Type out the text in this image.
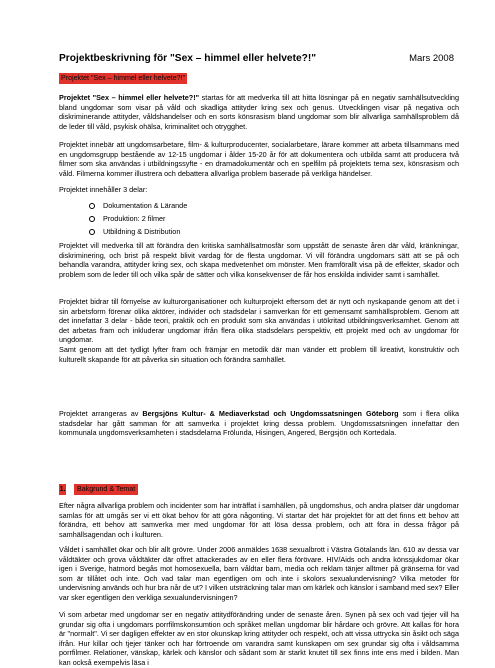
Projektbeskrivning för "Sex – himmel eller helvete?!"	Mars 2008
Projektet "Sex – himmel eller helvete?!"

Projektet "Sex – himmel eller helvete?!" startas för att medverka till att hitta lösningar på en negativ samhällsutveckling bland ungdomar som visar på våld och skadliga attityder kring sex och genus. Utvecklingen visar på negativa och diskriminerande attityder, våldshandelser och en sorts könsrasism bland ungdomar som blir allvarliga samhällsproblem då de leder till våld, psykisk ohälsa, kriminalitet och otrygghet.

Projektet innebär att ungdomsarbetare, film- & kulturproducenter, socialarbetare, lärare kommer att arbeta tillsammans med en ungdomsgrupp bestående av 12-15 ungdomar i ålder 15-20 år för att dokumentera och utbilda samt att producera två filmer som ska användas i utbildningssyfte - en dramadokumentär och en spelfilm på projektets tema sex, könsrasism och våld. Filmerna kommer illustrera och debattera allvarliga problem baserade på verkliga händelser.

Projektet innehåller 3 delar:

Dokumentation & Lärande
Produktion: 2 filmer
Utbildning & Distribution

Projektet vill medverka till att förändra den kritiska samhällsatmosfär som uppstått de senaste åren där våld, kränkningar, diskriminering, och brist på respekt blivit vardag för de flesta ungdomar. Vi vill förändra ungdomars sätt att se på och behandla varandra, attityder kring sex, och skapa medvetenhet om mönster. Men framförallt visa på de effekter, skador och problem som de leder till och vilka spår de sätter och vilka konsekvenser de får hos enskilda individer samt i samhället.

Projektet bidrar till förnyelse av kulturorganisationer och kulturprojekt eftersom det är nytt och nyskapande genom att det i sin arbetsform förenar olika aktörer, individer och stadsdelar i samverkan för ett gemensamt samhällsproblem. Genom att det innefattar 3 delar - både teori, praktik och en produkt som ska användas i utökritad utbildningsverksamhet. Genom att det arbetas fram och inkluderar ungdomar ifrån flera olika stadsdelars perspektiv, ett projekt med och av ungdomar för ungdomar.
Samt genom att det tydligt lyfter fram och främjar en metodik där man vänder ett problem till kreativt, konstruktiv och kulturellt skapande för att påverka sin situation och förändra samhället.

Projektet arrangeras av Bergsjöns Kultur- & Mediaverkstad och Ungdomssatsningen Göteborg som i flera olika stadsdelar har gått samman för att samverka i projektet kring dessa problem. Ungdomssatsningen innefattar den kommunala ungdomsverksamheten i stadsdelarna Frölunda, Hisingen, Angered, Bergsjön och Kortedala.

1. Bakgrund & Temat

Efter några allvarliga problem och incidenter som har inträffat i samhällen, på ungdomshus, och andra platser där ungdomar samlas för att umgås ser vi ett ökat behov för att göra någonting. Vi startar det här projektet för att det finns ett behov att förändra, ett behov att samverka mer med ungdomar för att lösa dessa problem, och att föra in dessa frågor på samhällsagendan och i kulturen.

Våldet i samhället ökar och blir allt grövre. Under 2006 anmäldes 1638 sexualbrott i Västra Götalands län. 610 av dessa var våldtäkter och grova våldtäkter där offret attackerades av en eller flera förövare. HIV/Aids och andra könssjukdomar ökar igen i Sverige, hatmord begås mot homosexuella, barn våldtar barn, media och reklam tänjer alltmer på gränserna för vad som är tillåtet och inte. Och vad talar man egentligen om och inte i skolors sexualundervisning? Vilka metoder för undervisning används och hur bra når de ut? I vilken utsträckning talar man om kärlek och känslor i samband med sex? Eller var sker egentligen den verkliga sexualundervisningen?

Vi som arbetar med ungdomar ser en negativ attitydförändring under de senaste åren. Synen på sex och vad tjejer vill ha grundar sig ofta i ungdomars porrfilmskonsumtion och språket mellan ungdomar blir hårdare och grövre. Att kallas för hora är "normalt". Vi ser dagligen effekter av en stor okunskap kring attityder och respekt, och att vissa uttrycka sin åsikt och säga ifrån. Hur killar och tjejer tänker och har förtroende om varandra samt kunskapen om sex grundar sig ofta i våldsamma porrfilmer. Relationer, vänskap, kärlek och känslor och sådant som är starkt knutet till sex finns inte ens med i bilden. Man kan också exempelvis läsa i
